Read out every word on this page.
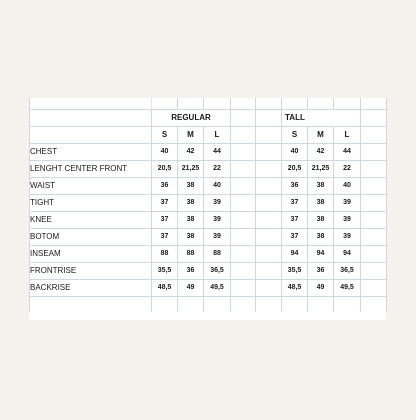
	REGULAR					TALL			
	S	M	L			S	M	L	
CHEST	40	42	44			40	42	44	
LENGHT CENTER FRONT	20,5	21,25	22			20,5	21,25	22	
WAIST	36	38	40			36	38	40	
TIGHT	37	38	39			37	38	39	
KNEE	37	38	39			37	38	39	
BOTOM	37	38	39			37	38	39	
INSEAM	88	88	88			94	94	94	
FRONTRISE	35,5	36	36,5			35,5	36	36,5	
BACKRISE	48,5	49	49,5			48,5	49	49,5	
